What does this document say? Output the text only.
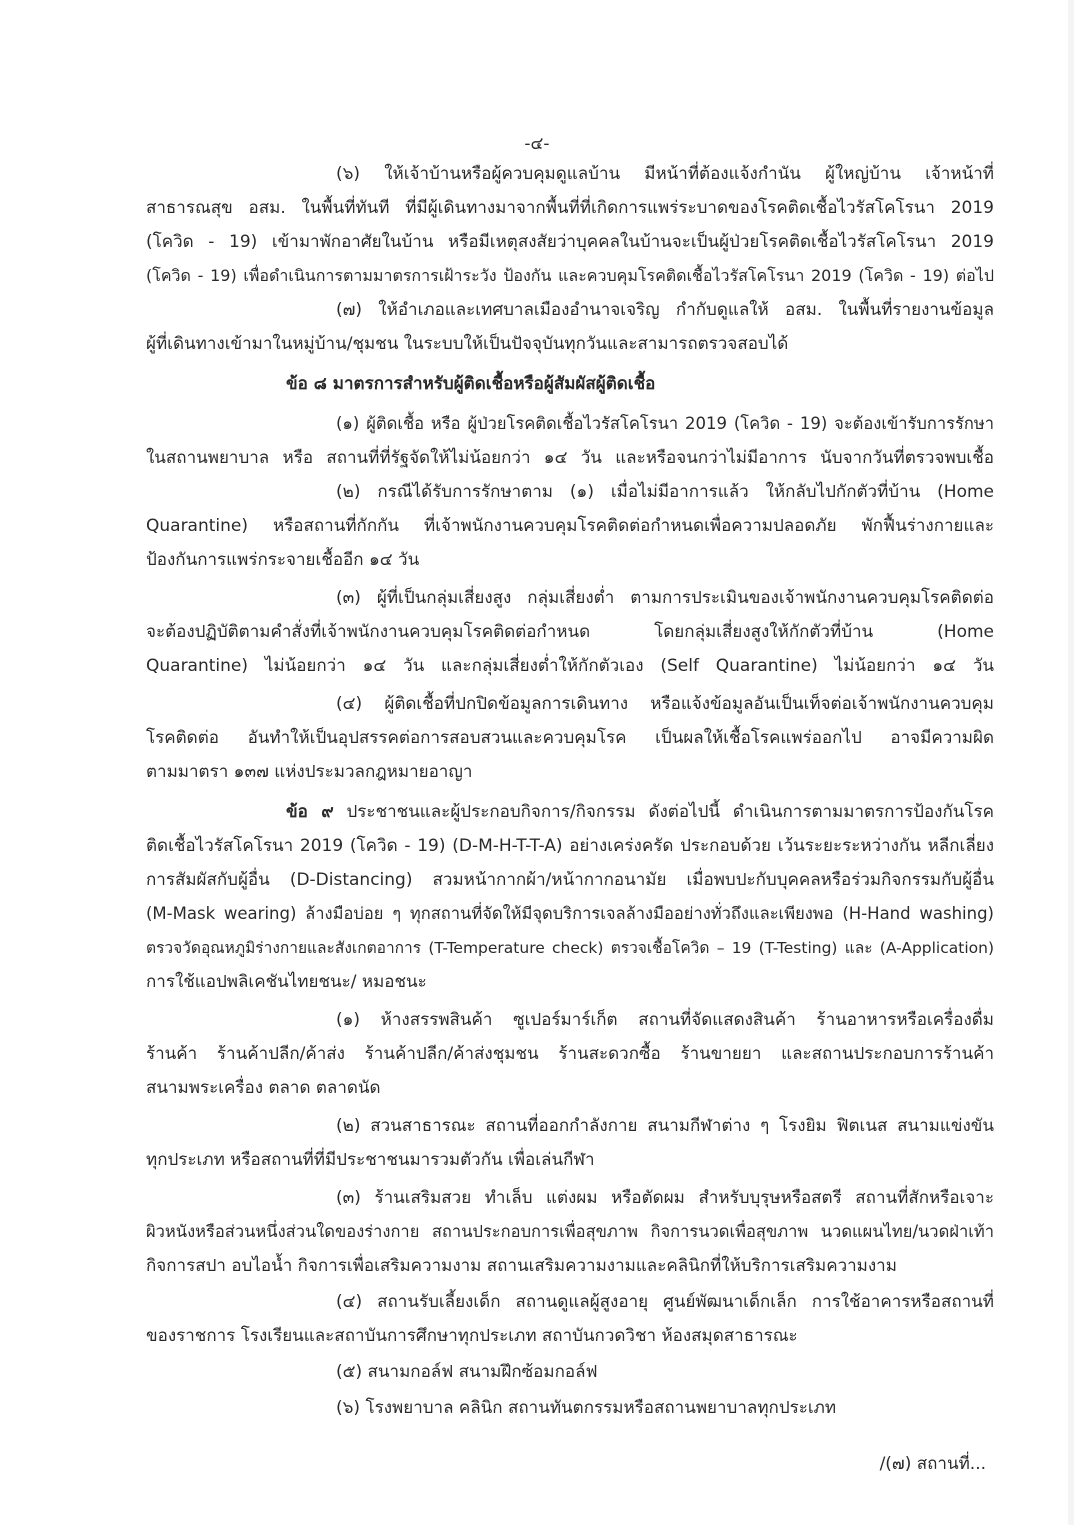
-๔-
(๖) ให้เจ้าบ้านหรือผู้ควบคุมดูแลบ้าน มีหน้าที่ต้องแจ้งกำนัน ผู้ใหญ่บ้าน เจ้าหน้าที่
สาธารณสุข อสม. ในพื้นที่ทันที ที่มีผู้เดินทางมาจากพื้นที่ที่เกิดการแพร่ระบาดของโรคติดเชื้อไวรัสโคโรนา 2019
(โควิด - 19) เข้ามาพักอาศัยในบ้าน หรือมีเหตุสงสัยว่าบุคคลในบ้านจะเป็นผู้ป่วยโรคติดเชื้อไวรัสโคโรนา 2019
(โควิด - 19) เพื่อดำเนินการตามมาตรการเฝ้าระวัง ป้องกัน และควบคุมโรคติดเชื้อไวรัสโคโรนา 2019 (โควิด - 19) ต่อไป
(๗) ให้อำเภอและเทศบาลเมืองอำนาจเจริญ กำกับดูแลให้ อสม. ในพื้นที่รายงานข้อมูล
ผู้ที่เดินทางเข้ามาในหมู่บ้าน/ชุมชน ในระบบให้เป็นปัจจุบันทุกวันและสามารถตรวจสอบได้
ข้อ ๘ มาตรการสำหรับผู้ติดเชื้อหรือผู้สัมผัสผู้ติดเชื้อ
(๑) ผู้ติดเชื้อ หรือ ผู้ป่วยโรคติดเชื้อไวรัสโคโรนา 2019 (โควิด - 19) จะต้องเข้ารับการรักษา
ในสถานพยาบาล หรือ สถานที่ที่รัฐจัดให้ไม่น้อยกว่า ๑๔ วัน และหรือจนกว่าไม่มีอาการ นับจากวันที่ตรวจพบเชื้อ
(๒) กรณีได้รับการรักษาตาม (๑) เมื่อไม่มีอาการแล้ว ให้กลับไปกักตัวที่บ้าน (Home
Quarantine) หรือสถานที่กักกัน ที่เจ้าพนักงานควบคุมโรคติดต่อกำหนดเพื่อความปลอดภัย พักฟื้นร่างกายและ
ป้องกันการแพร่กระจายเชื้ออีก ๑๔ วัน
(๓) ผู้ที่เป็นกลุ่มเสี่ยงสูง กลุ่มเสี่ยงต่ำ ตามการประเมินของเจ้าพนักงานควบคุมโรคติดต่อ
จะต้องปฏิบัติตามคำสั่งที่เจ้าพนักงานควบคุมโรคติดต่อกำหนด โดยกลุ่มเสี่ยงสูงให้กักตัวที่บ้าน (Home
Quarantine) ไม่น้อยกว่า ๑๔ วัน และกลุ่มเสี่ยงต่ำให้กักตัวเอง (Self Quarantine) ไม่น้อยกว่า ๑๔ วัน
(๔) ผู้ติดเชื้อที่ปกปิดข้อมูลการเดินทาง หรือแจ้งข้อมูลอันเป็นเท็จต่อเจ้าพนักงานควบคุม
โรคติดต่อ อันทำให้เป็นอุปสรรคต่อการสอบสวนและควบคุมโรค เป็นผลให้เชื้อโรคแพร่ออกไป อาจมีความผิด
ตามมาตรา ๑๓๗ แห่งประมวลกฎหมายอาญา
ข้อ ๙ ประชาชนและผู้ประกอบกิจการ/กิจกรรม ดังต่อไปนี้ ดำเนินการตามมาตรการป้องกันโรค
ติดเชื้อไวรัสโคโรนา 2019 (โควิด - 19) (D-M-H-T-T-A) อย่างเคร่งครัด ประกอบด้วย เว้นระยะระหว่างกัน หลีกเลี่ยง
การสัมผัสกับผู้อื่น (D-Distancing) สวมหน้ากากผ้า/หน้ากากอนามัย เมื่อพบปะกับบุคคลหรือร่วมกิจกรรมกับผู้อื่น
(M-Mask wearing) ล้างมือบ่อย ๆ ทุกสถานที่จัดให้มีจุดบริการเจลล้างมืออย่างทั่วถึงและเพียงพอ (H-Hand washing)
ตรวจวัดอุณหภูมิร่างกายและสังเกตอาการ (T-Temperature check) ตรวจเชื้อโควิด – 19 (T-Testing) และ (A-Application)
การใช้แอปพลิเคชันไทยชนะ/ หมอชนะ
(๑) ห้างสรรพสินค้า ซูเปอร์มาร์เก็ต สถานที่จัดแสดงสินค้า ร้านอาหารหรือเครื่องดื่ม
ร้านค้า ร้านค้าปลีก/ค้าส่ง ร้านค้าปลีก/ค้าส่งชุมชน ร้านสะดวกซื้อ ร้านขายยา และสถานประกอบการร้านค้า
สนามพระเครื่อง ตลาด ตลาดนัด
(๒) สวนสาธารณะ สถานที่ออกกำลังกาย สนามกีฬาต่าง ๆ โรงยิม ฟิตเนส สนามแข่งขัน
ทุกประเภท หรือสถานที่ที่มีประชาชนมารวมตัวกัน เพื่อเล่นกีฬา
(๓) ร้านเสริมสวย ทำเล็บ แต่งผม หรือตัดผม สำหรับบุรุษหรือสตรี สถานที่สักหรือเจาะ
ผิวหนังหรือส่วนหนึ่งส่วนใดของร่างกาย สถานประกอบการเพื่อสุขภาพ กิจการนวดเพื่อสุขภาพ นวดแผนไทย/นวดฝ่าเท้า
กิจการสปา อบไอน้ำ กิจการเพื่อเสริมความงาม สถานเสริมความงามและคลินิกที่ให้บริการเสริมความงาม
(๔) สถานรับเลี้ยงเด็ก สถานดูแลผู้สูงอายุ ศูนย์พัฒนาเด็กเล็ก การใช้อาคารหรือสถานที่
ของราชการ โรงเรียนและสถาบันการศึกษาทุกประเภท สถาบันกวดวิชา ห้องสมุดสาธารณะ
(๕) สนามกอล์ฟ สนามฝึกซ้อมกอล์ฟ
(๖) โรงพยาบาล คลินิก สถานทันตกรรมหรือสถานพยาบาลทุกประเภท
/(๗) สถานที่...
